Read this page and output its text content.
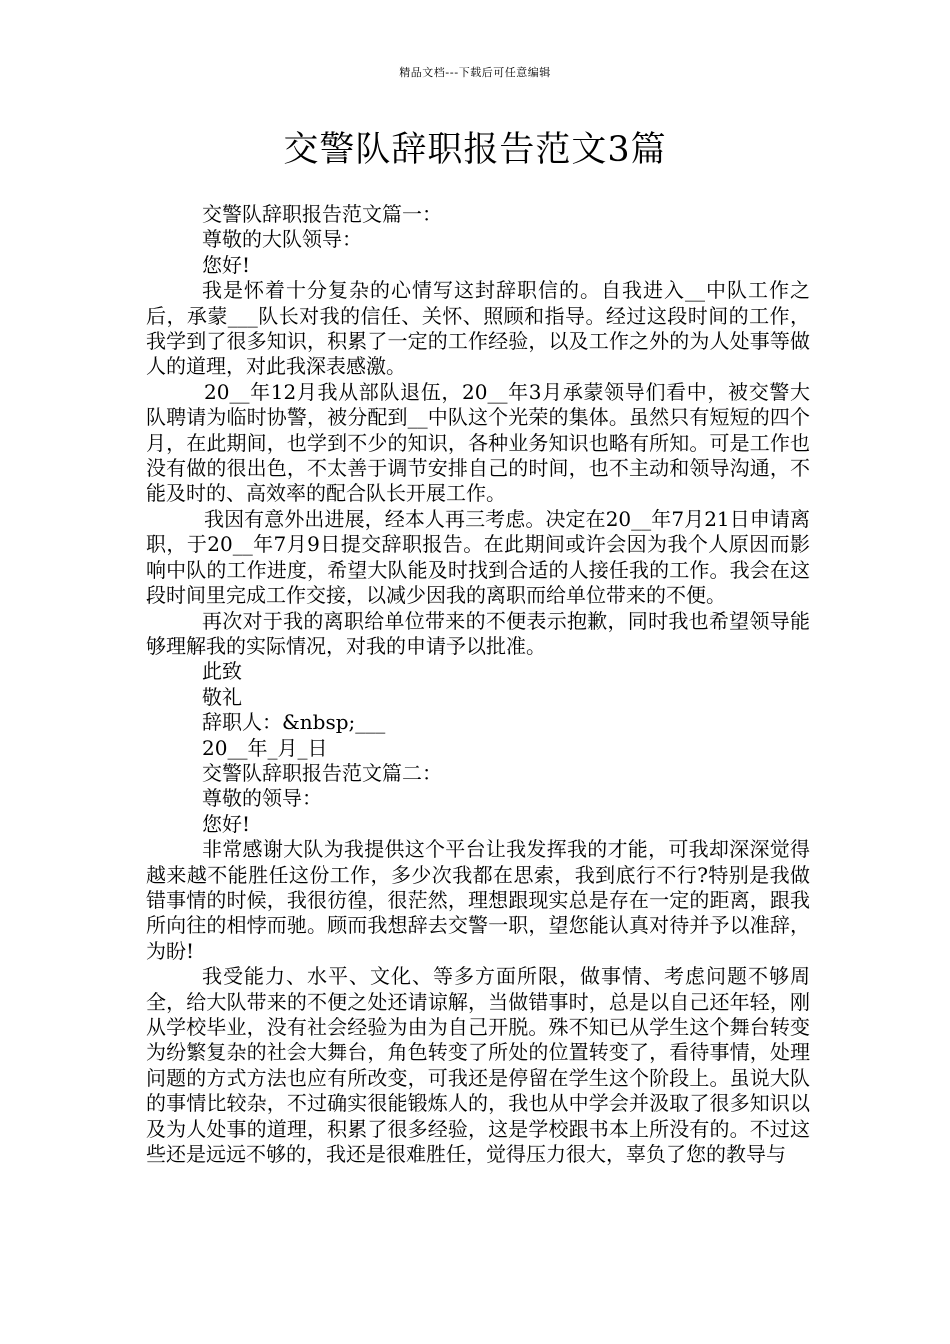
精品文档---下载后可任意编辑
交警队辞职报告范文3篇

交警队辞职报告范文篇一：

尊敬的大队领导：

您好!

我是怀着十分复杂的心情写这封辞职信的。自我进入__中队工作之后，承蒙___队长对我的信任、关怀、照顾和指导。经过这段时间的工作，我学到了很多知识，积累了一定的工作经验，以及工作之外的为人处事等做人的道理，对此我深表感激。

20__年12月我从部队退伍，20__年3月承蒙领导们看中，被交警大队聘请为临时协警，被分配到__中队这个光荣的集体。虽然只有短短的四个月，在此期间，也学到不少的知识，各种业务知识也略有所知。可是工作也没有做的很出色，不太善于调节安排自己的时间，也不主动和领导沟通，不能及时的、高效率的配合队长开展工作。

我因有意外出进展，经本人再三考虑。决定在20__年7月21日申请离职，于20__年7月9日提交辞职报告。在此期间或许会因为我个人原因而影响中队的工作进度，希望大队能及时找到合适的人接任我的工作。我会在这段时间里完成工作交接，以减少因我的离职而给单位带来的不便。

再次对于我的离职给单位带来的不便表示抱歉，同时我也希望领导能够理解我的实际情况，对我的申请予以批准。

此致

敬礼

辞职人：&nbsp;___

20__年_月_日

交警队辞职报告范文篇二：

尊敬的领导：

您好!

非常感谢大队为我提供这个平台让我发挥我的才能，可我却深深觉得越来越不能胜任这份工作，多少次我都在思索，我到底行不行?特别是我做错事情的时候，我很彷徨，很茫然，理想跟现实总是存在一定的距离，跟我所向往的相悖而驰。顾而我想辞去交警一职，望您能认真对待并予以准辞，为盼!

我受能力、水平、文化、等多方面所限，做事情、考虑问题不够周全，给大队带来的不便之处还请谅解，当做错事时，总是以自己还年轻，刚从学校毕业，没有社会经验为由为自己开脱。殊不知已从学生这个舞台转变为纷繁复杂的社会大舞台，角色转变了所处的位置转变了，看待事情，处理问题的方式方法也应有所改变，可我还是停留在学生这个阶段上。虽说大队的事情比较杂，不过确实很能锻炼人的，我也从中学会并汲取了很多知识以及为人处事的道理，积累了很多经验，这是学校跟书本上所没有的。不过这些还是远远不够的，我还是很难胜任，觉得压力很大，辜负了您的教导与
